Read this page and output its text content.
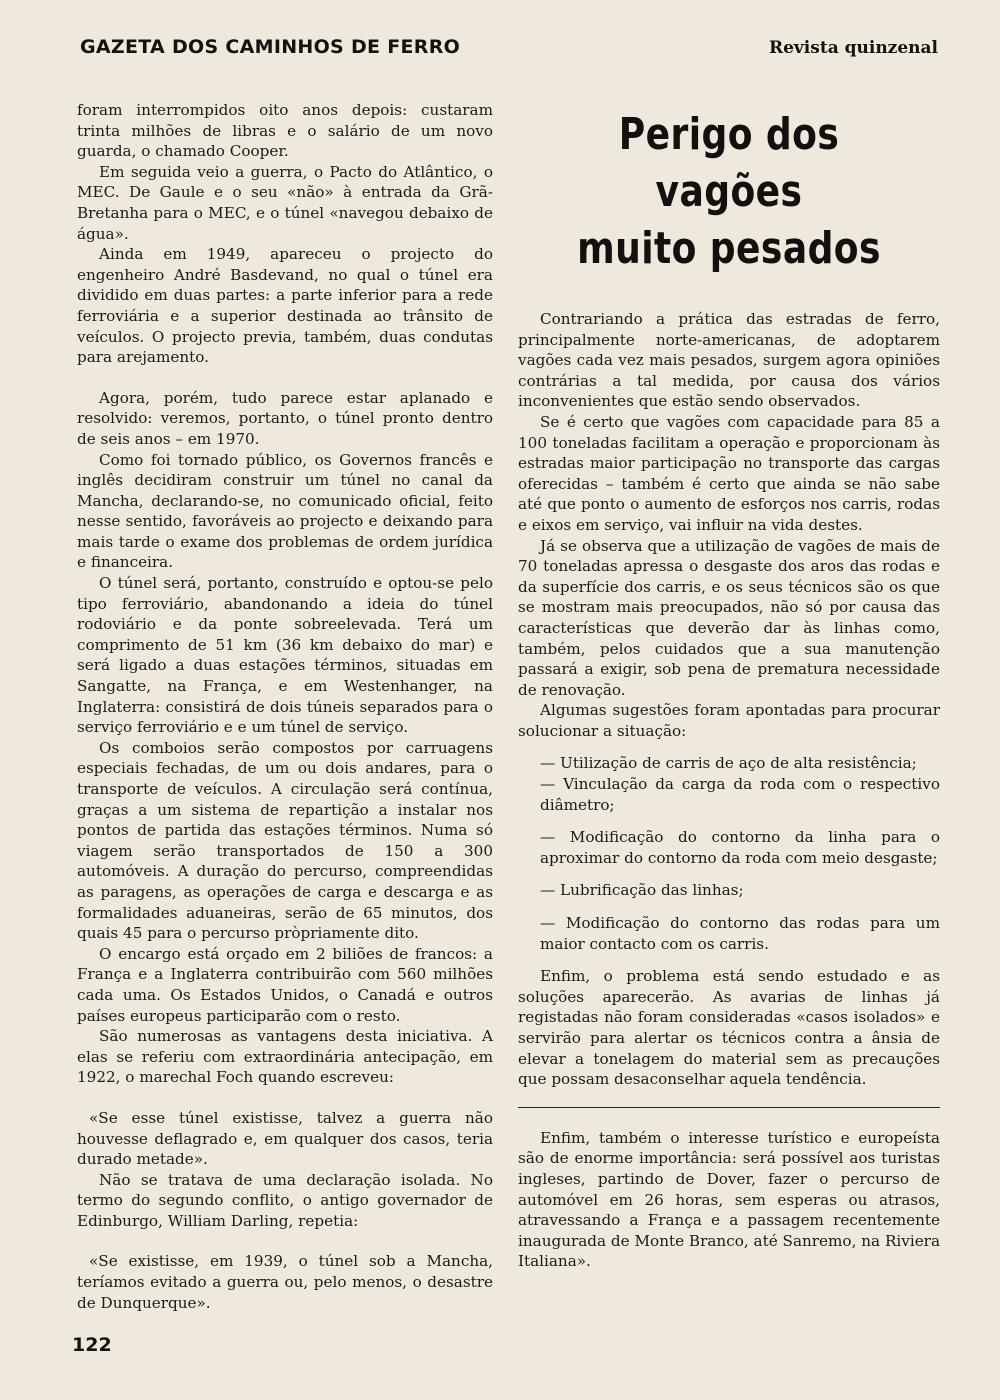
GAZETA DOS CAMINHOS DE FERRO	Revista quinzenal

foram interrompidos oito anos depois: custaram trinta milhões de libras e o salário de um novo guarda, o chamado Cooper.

Em seguida veio a guerra, o Pacto do Atlântico, o MEC. De Gaule e o seu «não» à entrada da Grã-Bretanha para o MEC, e o túnel «navegou debaixo de água».

Ainda em 1949, apareceu o projecto do engenheiro André Basdevand, no qual o túnel era dividido em duas partes: a parte inferior para a rede ferroviária e a superior destinada ao trânsito de veículos. O projecto previa, também, duas condutas para arejamento.

Agora, porém, tudo parece estar aplanado e resolvido: veremos, portanto, o túnel pronto dentro de seis anos – em 1970.

Como foi tornado público, os Governos francês e inglês decidiram construir um túnel no canal da Mancha, declarando-se, no comunicado oficial, feito nesse sentido, favoráveis ao projecto e deixando para mais tarde o exame dos problemas de ordem jurídica e financeira.

O túnel será, portanto, construído e optou-se pelo tipo ferroviário, abandonando a ideia do túnel rodoviário e da ponte sobreelevada. Terá um comprimento de 51 km (36 km debaixo do mar) e será ligado a duas estações términos, situadas em Sangatte, na França, e em Westenhanger, na Inglaterra: consistirá de dois túneis separados para o serviço ferroviário e e um túnel de serviço.

Os comboios serão compostos por carruagens especiais fechadas, de um ou dois andares, para o transporte de veículos. A circulação será contínua, graças a um sistema de repartição a instalar nos pontos de partida das estações términos. Numa só viagem serão transportados de 150 a 300 automóveis. A duração do percurso, compreendidas as paragens, as operações de carga e descarga e as formalidades aduaneiras, serão de 65 minutos, dos quais 45 para o percurso pròpriamente dito.

O encargo está orçado em 2 biliões de francos: a França e a Inglaterra contribuirão com 560 milhões cada uma. Os Estados Unidos, o Canadá e outros países europeus participarão com o resto.

São numerosas as vantagens desta iniciativa. A elas se referiu com extraordinária antecipação, em 1922, o marechal Foch quando escreveu:

«Se esse túnel existisse, talvez a guerra não houvesse deflagrado e, em qualquer dos casos, teria durado metade».

Não se tratava de uma declaração isolada. No termo do segundo conflito, o antigo governador de Edinburgo, William Darling, repetia:

«Se existisse, em 1939, o túnel sob a Mancha, teríamos evitado a guerra ou, pelo menos, o desastre de Dunquerque».

Perigo dos vagões
muito pesados

Contrariando a prática das estradas de ferro, principalmente norte-americanas, de adoptarem vagões cada vez mais pesados, surgem agora opiniões contrárias a tal medida, por causa dos vários inconvenientes que estão sendo observados.

Se é certo que vagões com capacidade para 85 a 100 toneladas facilitam a operação e proporcionam às estradas maior participação no transporte das cargas oferecidas – também é certo que ainda se não sabe até que ponto o aumento de esforços nos carris, rodas e eixos em serviço, vai influir na vida destes.

Já se observa que a utilização de vagões de mais de 70 toneladas apressa o desgaste dos aros das rodas e da superfície dos carris, e os seus técnicos são os que se mostram mais preocupados, não só por causa das características que deverão dar às linhas como, também, pelos cuidados que a sua manutenção passará a exigir, sob pena de prematura necessidade de renovação.

Algumas sugestões foram apontadas para procurar solucionar a situação:

— Utilização de carris de aço de alta resistência;

— Vinculação da carga da roda com o respectivo diâmetro;

— Modificação do contorno da linha para o aproximar do contorno da roda com meio desgaste;

— Lubrificação das linhas;

— Modificação do contorno das rodas para um maior contacto com os carris.

Enfim, o problema está sendo estudado e as soluções aparecerão. As avarias de linhas já registadas não foram consideradas «casos isolados» e servirão para alertar os técnicos contra a ânsia de elevar a tonelagem do material sem as precauções que possam desaconselhar aquela tendência.

Enfim, também o interesse turístico e europeísta são de enorme importância: será possível aos turistas ingleses, partindo de Dover, fazer o percurso de automóvel em 26 horas, sem esperas ou atrasos, atravessando a França e a passagem recentemente inaugurada de Monte Branco, até Sanremo, na Riviera Italiana».

122
